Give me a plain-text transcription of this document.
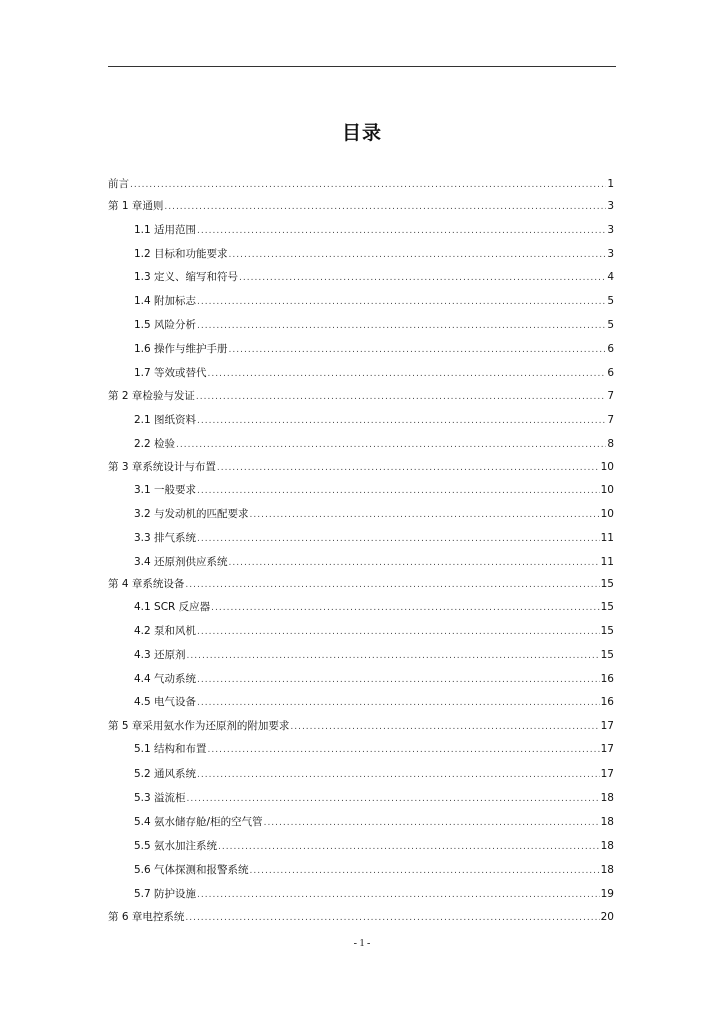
目录
前言 .....	1
第 1 章通则 .....	3
1.1 适用范围 .....	3
1.2 目标和功能要求 .....	3
1.3 定义、缩写和符号 .....	4
1.4 附加标志 .....	5
1.5 风险分析 .....	5
1.6 操作与维护手册 .....	6
1.7 等效或替代 .....	6
第 2 章检验与发证 .....	7
2.1 图纸资料 .....	7
2.2 检验 .....	8
第 3 章系统设计与布置 .....	10
3.1 一般要求 .....	10
3.2 与发动机的匹配要求 .....	10
3.3 排气系统 .....	11
3.4 还原剂供应系统 .....	11
第 4 章系统设备 .....	15
4.1 SCR 反应器 .....	15
4.2 泵和风机 .....	15
4.3 还原剂 .....	15
4.4 气动系统 .....	16
4.5 电气设备 .....	16
第 5 章采用氨水作为还原剂的附加要求 .....	17
5.1 结构和布置 .....	17
5.2 通风系统 .....	17
5.3 溢流柜 .....	18
5.4 氨水储存舱/柜的空气管 .....	18
5.5 氨水加注系统 .....	18
5.6 气体探测和报警系统 .....	18
5.7 防护设施 .....	19
第 6 章电控系统 .....	20
- 1 -
